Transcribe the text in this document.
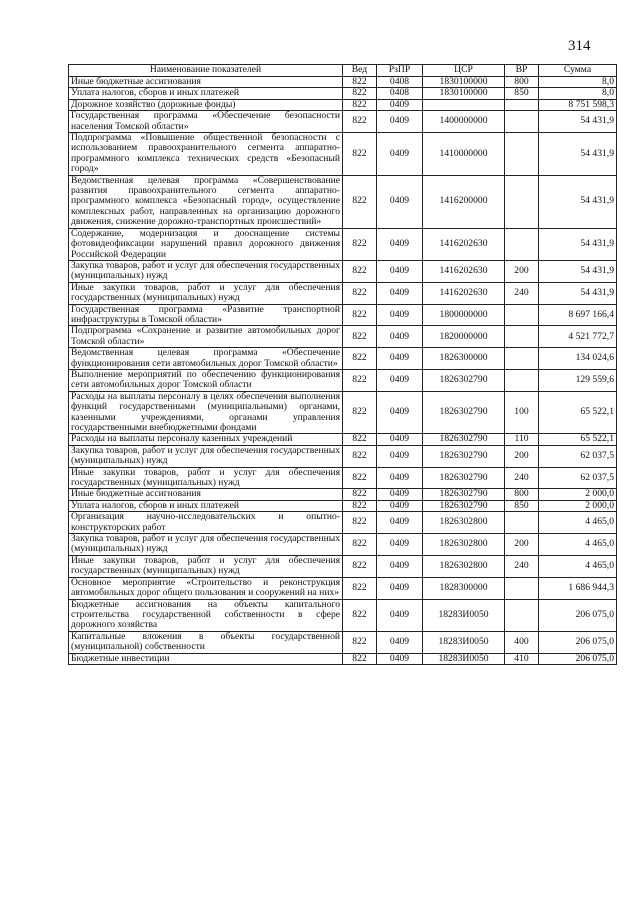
314
Наименование показателей	Вед	РзПР	ЦСР	ВР	Сумма
Иные бюджетные ассигнования	822	0408	1830100000	800	8,0
Уплата налогов, сборов и иных платежей	822	0408	1830100000	850	8,0
Дорожное хозяйство (дорожные фонды)	822	0409			8 751 598,3
Государственная программа «Обеспечение безопасности населения Томской области»	822	0409	1400000000		54 431,9
Подпрограмма «Повышение общественной безопасности с использованием правоохранительного сегмента аппаратно-программного комплекса технических средств «Безопасный город»	822	0409	1410000000		54 431,9
Ведомственная целевая программа «Совершенствование развития правоохранительного сегмента аппаратно-программного комплекса «Безопасный город», осуществление комплексных работ, направленных на организацию дорожного движения, снижение дорожно-транспортных происшествий»	822	0409	1416200000		54 431,9
Содержание, модернизация и дооснащение системы фотовидеофиксации нарушений правил дорожного движения Российской Федерации	822	0409	1416202630		54 431,9
Закупка товаров, работ и услуг для обеспечения государственных (муниципальных) нужд	822	0409	1416202630	200	54 431,9
Иные закупки товаров, работ и услуг для обеспечения государственных (муниципальных) нужд	822	0409	1416202630	240	54 431,9
Государственная программа «Развитие транспортной инфраструктуры в Томской области»	822	0409	1800000000		8 697 166,4
Подпрограмма «Сохранение и развитие автомобильных дорог Томской области»	822	0409	1820000000		4 521 772,7
Ведомственная целевая программа «Обеспечение функционирования сети автомобильных дорог Томской области»	822	0409	1826300000		134 024,6
Выполнение мероприятий по обеспечению функционирования сети автомобильных дорог Томской области	822	0409	1826302790		129 559,6
Расходы на выплаты персоналу в целях обеспечения выполнения функций государственными (муниципальными) органами, казенными учреждениями, органами управления государственными внебюджетными фондами	822	0409	1826302790	100	65 522,1
Расходы на выплаты персоналу казенных учреждений	822	0409	1826302790	110	65 522,1
Закупка товаров, работ и услуг для обеспечения государственных (муниципальных) нужд	822	0409	1826302790	200	62 037,5
Иные закупки товаров, работ и услуг для обеспечения государственных (муниципальных) нужд	822	0409	1826302790	240	62 037,5
Иные бюджетные ассигнования	822	0409	1826302790	800	2 000,0
Уплата налогов, сборов и иных платежей	822	0409	1826302790	850	2 000,0
Организация научно-исследовательских и опытно-конструкторских работ	822	0409	1826302800		4 465,0
Закупка товаров, работ и услуг для обеспечения государственных (муниципальных) нужд	822	0409	1826302800	200	4 465,0
Иные закупки товаров, работ и услуг для обеспечения государственных (муниципальных) нужд	822	0409	1826302800	240	4 465,0
Основное мероприятие «Строительство и реконструкция автомобильных дорог общего пользования и сооружений на них»	822	0409	1828300000		1 686 944,3
Бюджетные ассигнования на объекты капитального строительства государственной собственности в сфере дорожного хозяйства	822	0409	18283И0050		206 075,0
Капитальные вложения в объекты государственной (муниципальной) собственности	822	0409	18283И0050	400	206 075,0
Бюджетные инвестиции	822	0409	18283И0050	410	206 075,0
